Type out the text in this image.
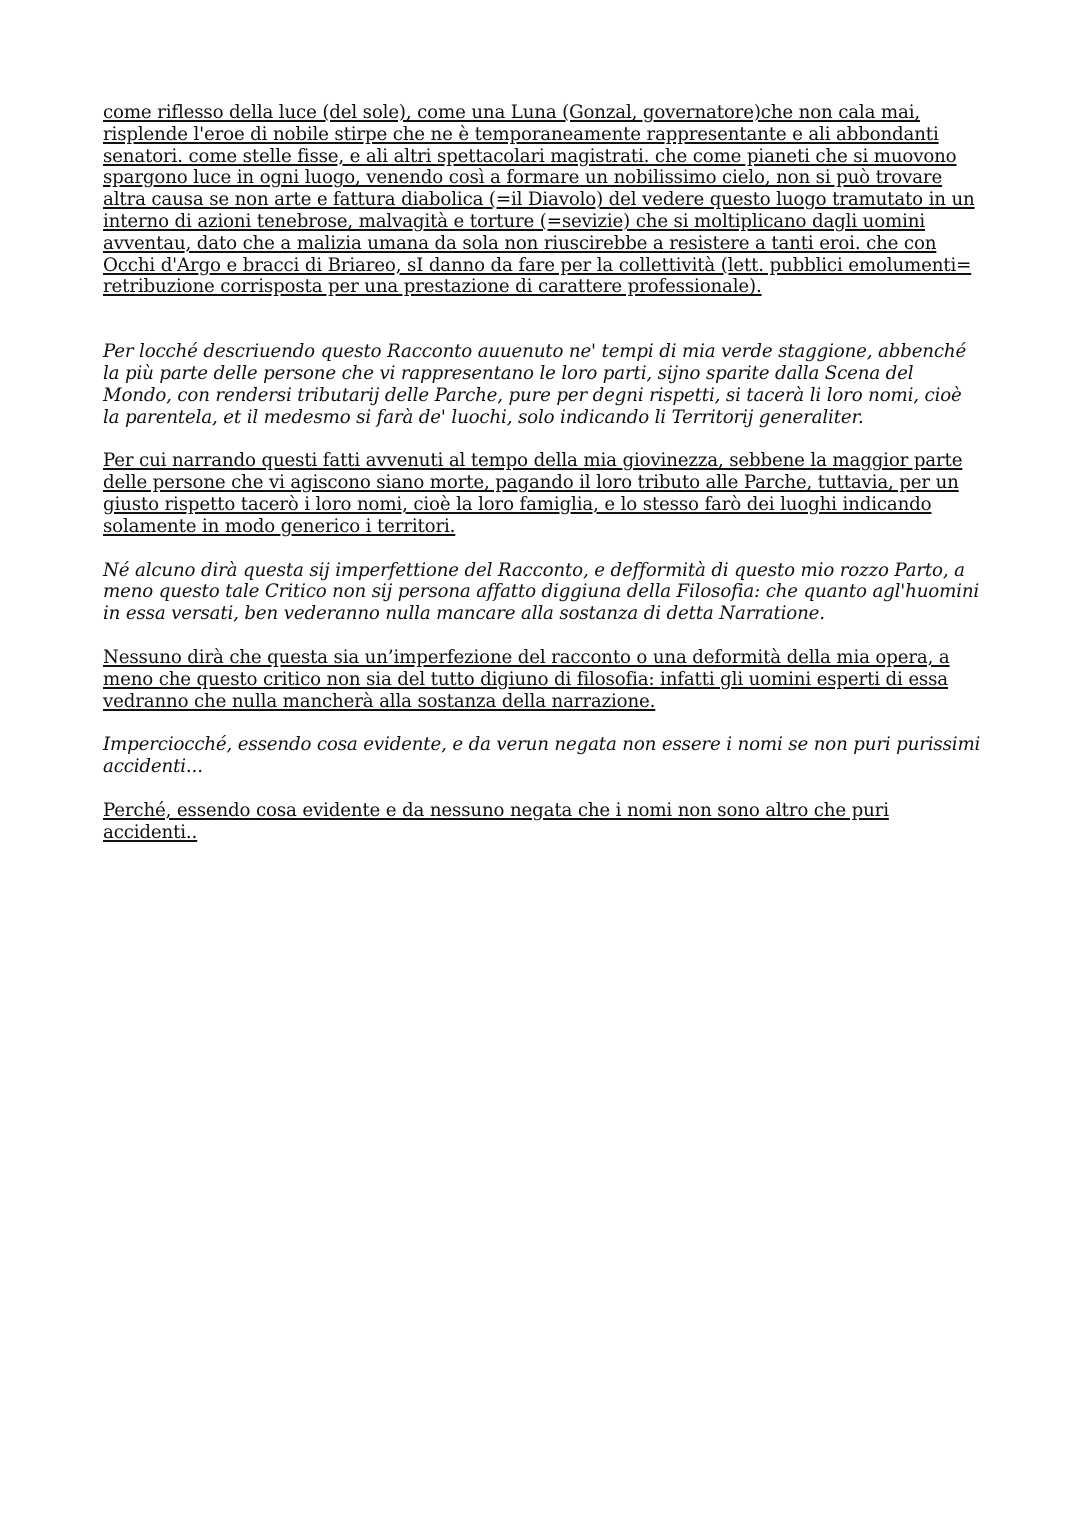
come riflesso della luce (del sole), come una Luna (Gonzal, governatore)che non cala mai, risplende l'eroe di nobile stirpe che ne è temporaneamente rappresentante e ali abbondanti senatori. come stelle fisse, e ali altri spettacolari magistrati. che come pianeti che si muovono spargono luce in ogni luogo, venendo così a formare un nobilissimo cielo, non si può trovare altra causa se non arte e fattura diabolica (=il Diavolo) del vedere questo luogo tramutato in un interno di azioni tenebrose, malvagità e torture (=sevizie) che si moltiplicano dagli uomini avventau, dato che a malizia umana da sola non riuscirebbe a resistere a tanti eroi. che con Occhi d'Argo e bracci di Briareo, sI danno da fare per la collettività (lett. pubblici emolumenti= retribuzione corrisposta per una prestazione di carattere professionale).

Per locché descriuendo questo Racconto auuenuto ne' tempi di mia verde staggione, abbenché la più parte delle persone che vi rappresentano le loro parti, sijno sparite dalla Scena del Mondo, con rendersi tributarij delle Parche, pure per degni rispetti, si tacerà li loro nomi, cioè la parentela, et il medesmo si farà de' luochi, solo indicando li Territorij generaliter.

Per cui narrando questi fatti avvenuti al tempo della mia giovinezza, sebbene la maggior parte delle persone che vi agiscono siano morte, pagando il loro tributo alle Parche, tuttavia, per un giusto rispetto tacerò i loro nomi, cioè la loro famiglia, e lo stesso farò dei luoghi indicando solamente in modo generico i territori.

Né alcuno dirà questa sij imperfettione del Racconto, e defformità di questo mio rozzo Parto, a meno questo tale Critico non sij persona affatto diggiuna della Filosofia: che quanto agl'huomini in essa versati, ben vederanno nulla mancare alla sostanza di detta Narratione.

Nessuno dirà che questa sia un’imperfezione del racconto o una deformità della mia opera, a meno che questo critico non sia del tutto digiuno di filosofia: infatti gli uomini esperti di essa vedranno che nulla mancherà alla sostanza della narrazione.

Imperciocché, essendo cosa evidente, e da verun negata non essere i nomi se non puri purissimi accidenti...

Perché, essendo cosa evidente e da nessuno negata che i nomi non sono altro che puri accidenti..
